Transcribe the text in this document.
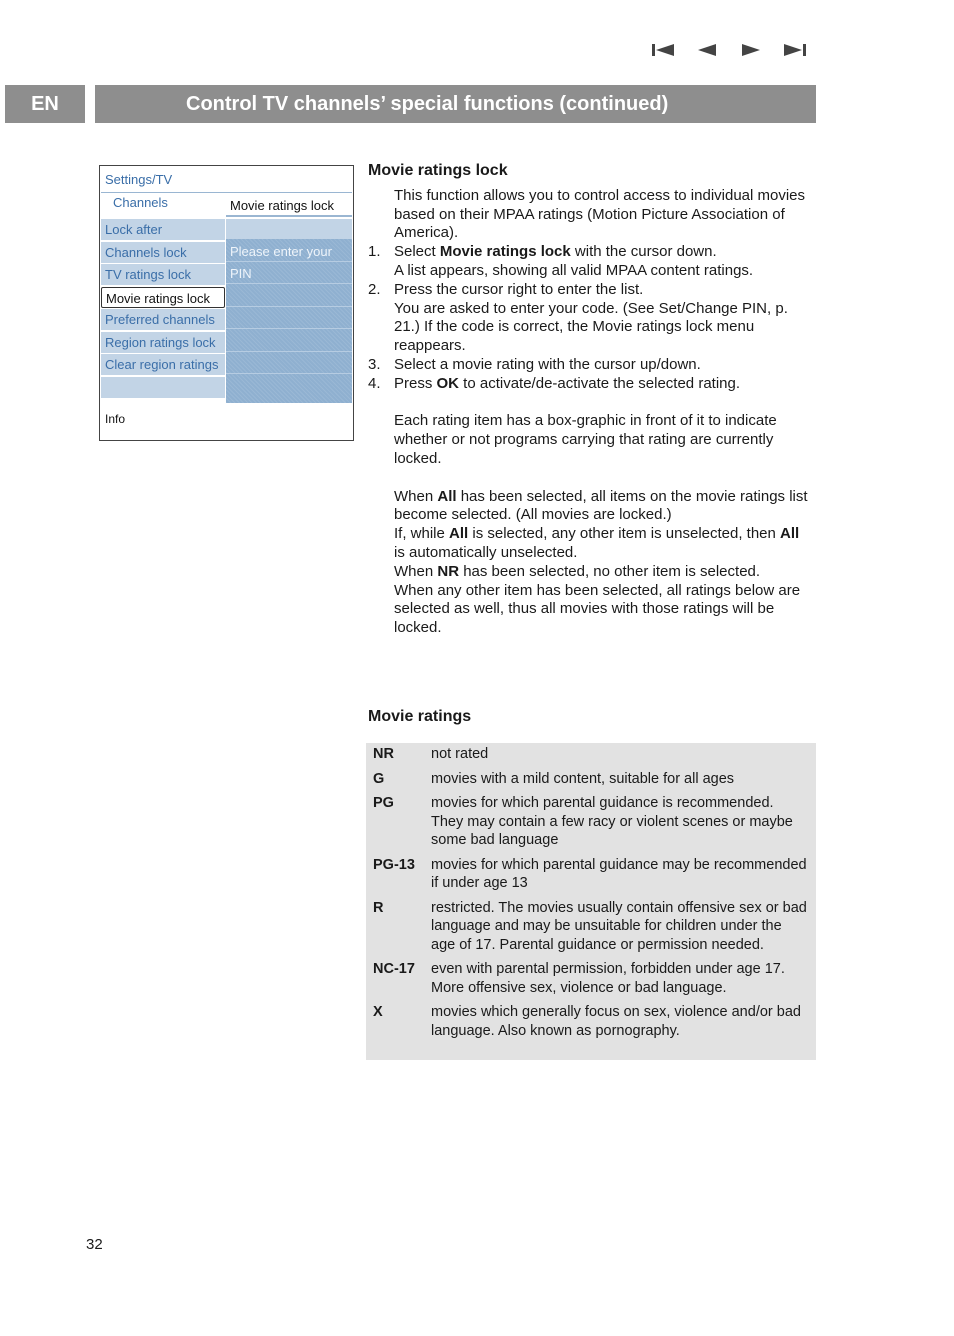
EN	Control TV channels’ special functions (continued)
Settings/TV
Channels	Movie ratings lock
Lock after
Channels lock
TV ratings lock
Movie ratings lock
Preferred channels
Region ratings lock
Clear region ratings
Please enter your
PIN
Info
Movie ratings lock
This function allows you to control access to individual movies based on their MPAA ratings (Motion Picture Association of America).
1. Select Movie ratings lock with the cursor down.
A list appears, showing all valid MPAA content ratings.
2. Press the cursor right to enter the list.
You are asked to enter your code. (See Set/Change PIN, p. 21.) If the code is correct, the Movie ratings lock menu reappears.
3. Select a movie rating with the cursor up/down.
4. Press OK to activate/de-activate the selected rating.
Each rating item has a box-graphic in front of it to indicate whether or not programs carrying that rating are currently locked.
When All has been selected, all items on the movie ratings list become selected. (All movies are locked.)
If, while All is selected, any other item is unselected, then All is automatically unselected.
When NR has been selected, no other item is selected.
When any other item has been selected, all ratings below are selected as well, thus all movies with those ratings will be locked.
Movie ratings
NR	not rated
G	movies with a mild content, suitable for all ages
PG	movies for which parental guidance is recommended. They may contain a few racy or violent scenes or maybe some bad language
PG-13	movies for which parental guidance may be recommended if under age 13
R	restricted. The movies usually contain offensive sex or bad language and may be unsuitable for children under the age of 17. Parental guidance or permission needed.
NC-17	even with parental permission, forbidden under age 17. More offensive sex, violence or bad language.
X	movies which generally focus on sex, violence and/or bad language. Also known as pornography.
32
